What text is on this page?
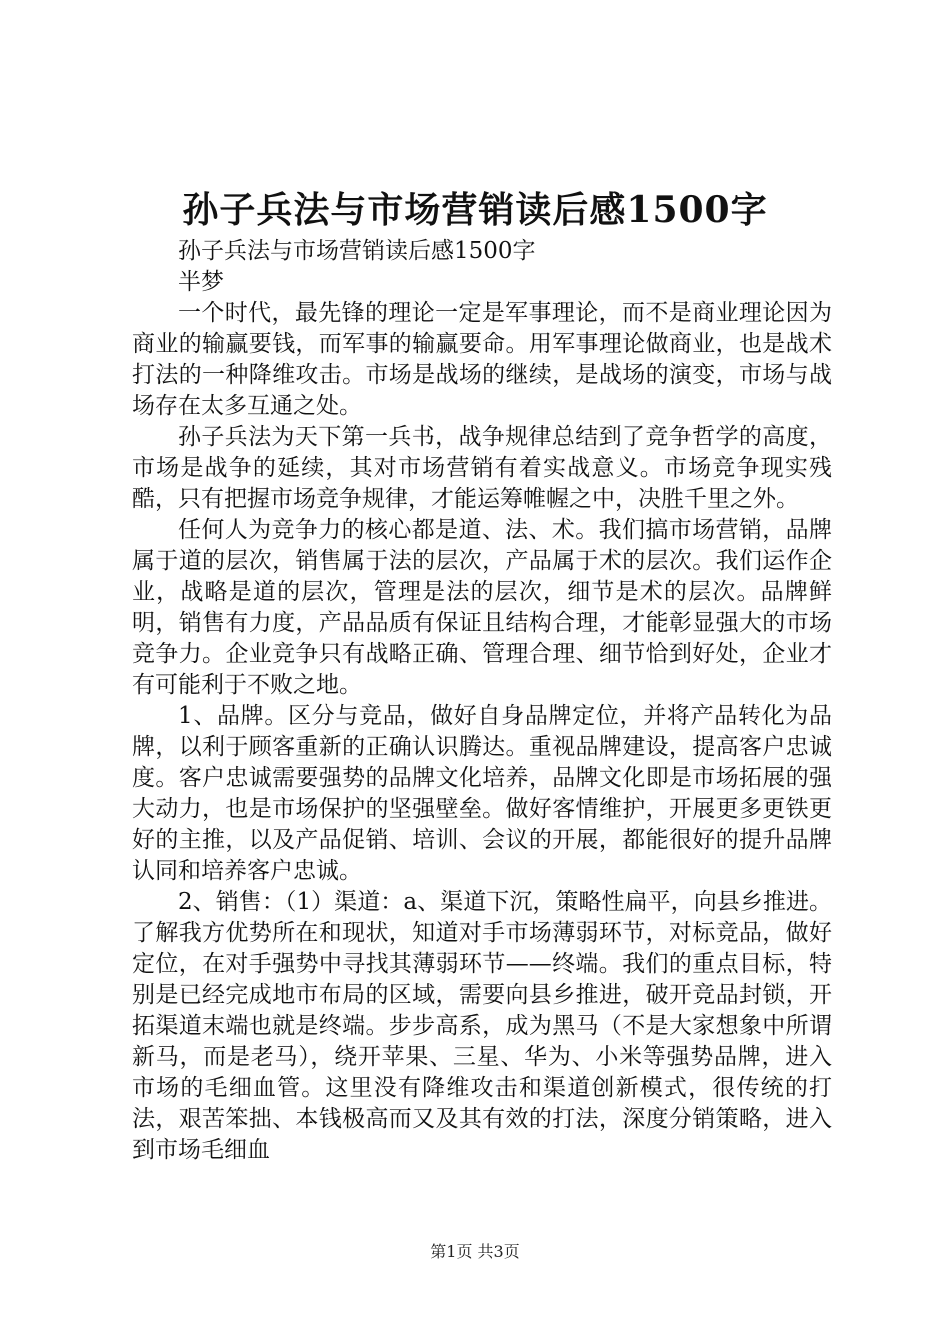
孙子兵法与市场营销读后感1500字

孙子兵法与市场营销读后感1500字

半梦

一个时代，最先锋的理论一定是军事理论，而不是商业理论因为商业的输赢要钱，而军事的输赢要命。用军事理论做商业，也是战术打法的一种降维攻击。市场是战场的继续，是战场的演变，市场与战场存在太多互通之处。

孙子兵法为天下第一兵书，战争规律总结到了竞争哲学的高度，市场是战争的延续，其对市场营销有着实战意义。市场竞争现实残酷，只有把握市场竞争规律，才能运筹帷幄之中，决胜千里之外。

任何人为竞争力的核心都是道、法、术。我们搞市场营销，品牌属于道的层次，销售属于法的层次，产品属于术的层次。我们运作企业，战略是道的层次，管理是法的层次，细节是术的层次。品牌鲜明，销售有力度，产品品质有保证且结构合理，才能彰显强大的市场竞争力。企业竞争只有战略正确、管理合理、细节恰到好处，企业才有可能利于不败之地。

1、品牌。区分与竞品，做好自身品牌定位，并将产品转化为品牌，以利于顾客重新的正确认识腾达。重视品牌建设，提高客户忠诚度。客户忠诚需要强势的品牌文化培养，品牌文化即是市场拓展的强大动力，也是市场保护的坚强壁垒。做好客情维护，开展更多更铁更好的主推，以及产品促销、培训、会议的开展，都能很好的提升品牌认同和培养客户忠诚。

2、销售：（1）渠道：a、渠道下沉，策略性扁平，向县乡推进。了解我方优势所在和现状，知道对手市场薄弱环节，对标竞品，做好定位，在对手强势中寻找其薄弱环节——终端。我们的重点目标，特别是已经完成地市布局的区域，需要向县乡推进，破开竞品封锁，开拓渠道末端也就是终端。步步高系，成为黑马（不是大家想象中所谓新马，而是老马），绕开苹果、三星、华为、小米等强势品牌，进入市场的毛细血管。这里没有降维攻击和渠道创新模式，很传统的打法，艰苦笨拙、本钱极高而又及其有效的打法，深度分销策略，进入到市场毛细血

第1页 共3页
